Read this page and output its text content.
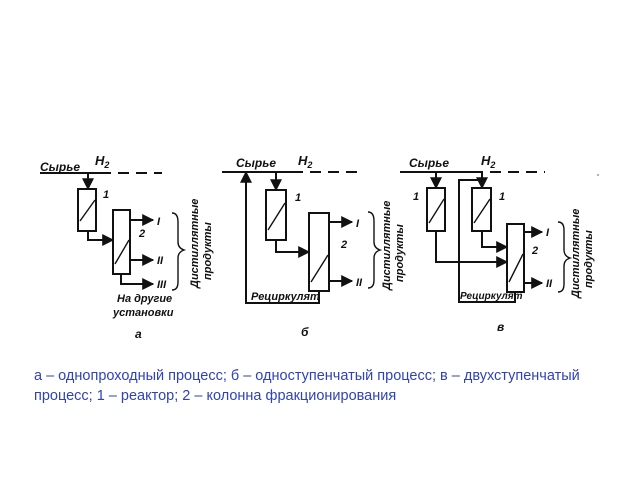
Сырье $H_2$
1
2
I
II
III Дистиллятные продукты
На другие
установки
а
Сырье $H_2$
1
2
I
II Дистиллятные продукты
Рециркулят
б
Сырье $H_2$
1	1
2
I
II Дистиллятные продукты
Рециркулят
в
а – однопроходный процесс; б – одноступенчатый процесс; в – двухступенчатый процесс; 1 – реактор; 2 – колонна фракционирования
